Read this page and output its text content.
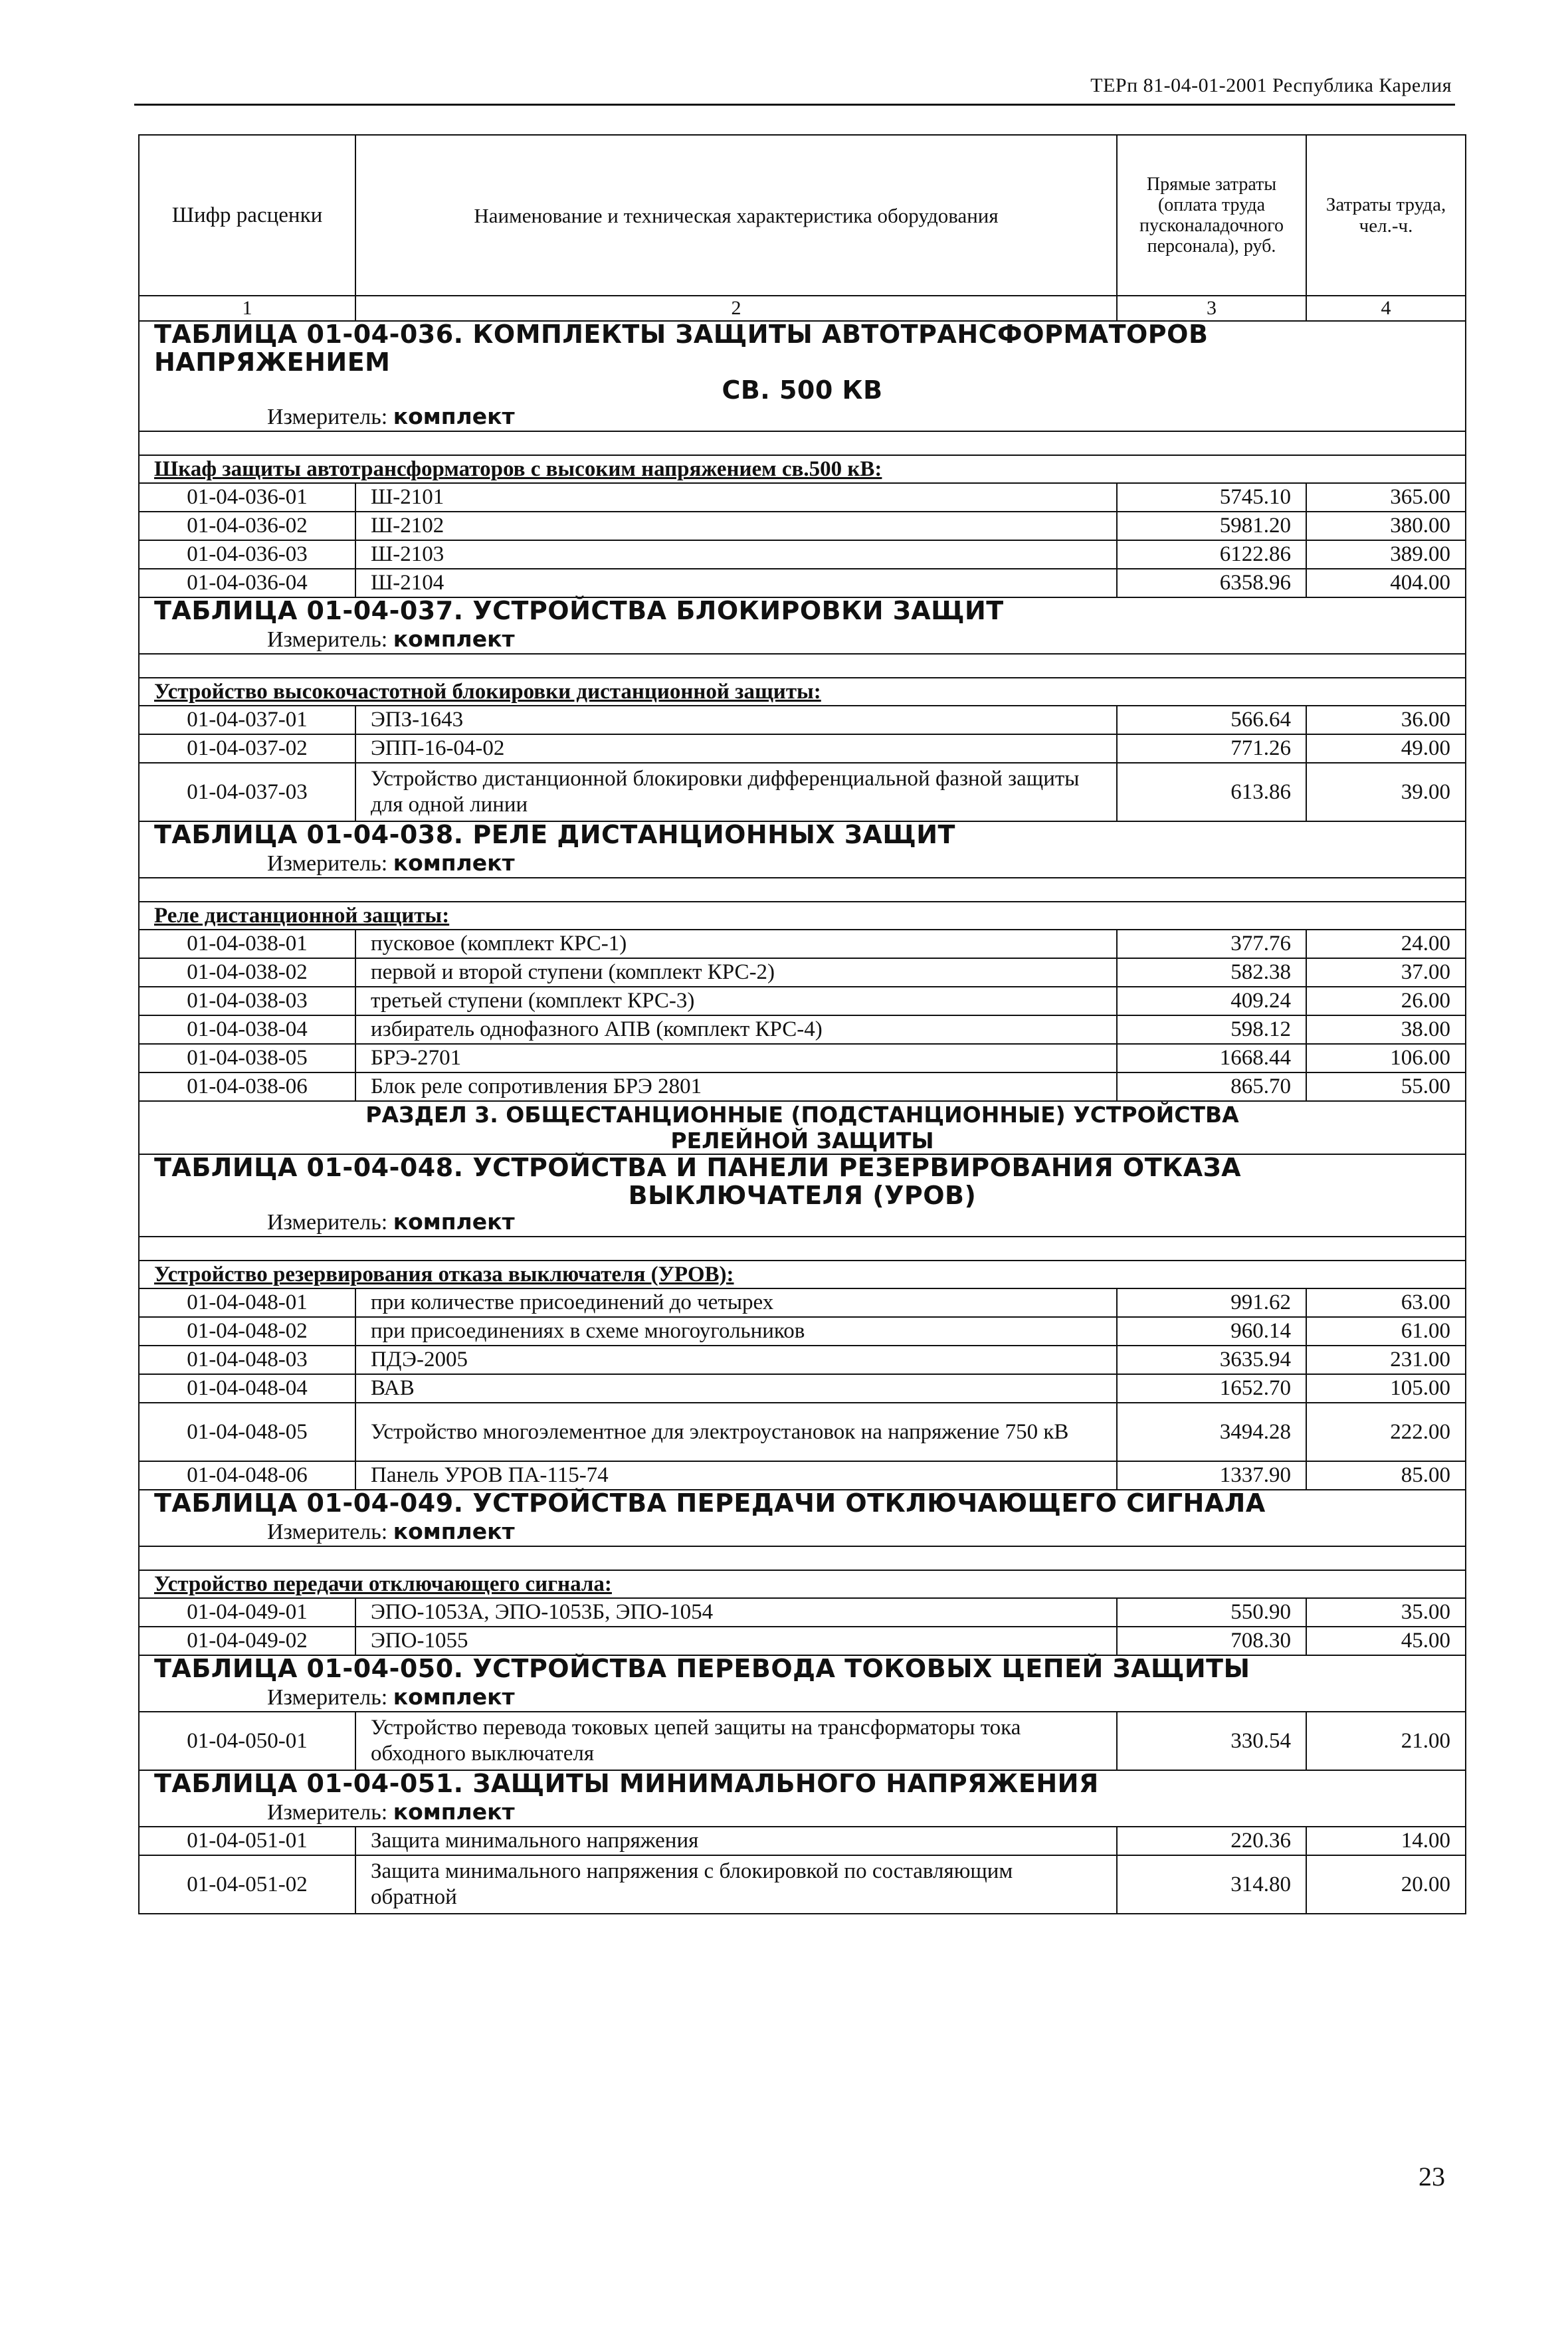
ТЕРп 81-04-01-2001 Республика Карелия
Шифр расценки	Наименование и техническая характеристика оборудования	Прямые затраты (оплата труда пусконаладочного персонала), руб.	Затраты труда, чел.-ч.
1	2	3	4
ТАБЛИЦА 01-04-036. КОМПЛЕКТЫ ЗАЩИТЫ АВТОТРАНСФОРМАТОРОВ НАПРЯЖЕНИЕМ

СВ. 500 КВ
Измеритель: комплект			

Шкаф защиты автотрансформаторов с высоким напряжением св.500 кВ:			
01-04-036-01	Ш-2101	5745.10	365.00
01-04-036-02	Ш-2102	5981.20	380.00
01-04-036-03	Ш-2103	6122.86	389.00
01-04-036-04	Ш-2104	6358.96	404.00
ТАБЛИЦА 01-04-037. УСТРОЙСТВА БЛОКИРОВКИ ЗАЩИТ
Измеритель: комплект			

Устройство высокочастотной блокировки дистанционной защиты:			
01-04-037-01	ЭПЗ-1643	566.64	36.00
01-04-037-02	ЭПП-16-04-02	771.26	49.00
01-04-037-03	Устройство дистанционной блокировки дифференциальной фазной защиты для одной линии	613.86	39.00
ТАБЛИЦА 01-04-038. РЕЛЕ ДИСТАНЦИОННЫХ ЗАЩИТ
Измеритель: комплект			

Реле дистанционной защиты:			
01-04-038-01	пусковое (комплект КРС-1)	377.76	24.00
01-04-038-02	первой и второй ступени (комплект КРС-2)	582.38	37.00
01-04-038-03	третьей ступени (комплект КРС-3)	409.24	26.00
01-04-038-04	избиратель однофазного АПВ (комплект КРС-4)	598.12	38.00
01-04-038-05	БРЭ-2701	1668.44	106.00
01-04-038-06	Блок реле сопротивления БРЭ 2801	865.70	55.00
РАЗДЕЛ 3. ОБЩЕСТАНЦИОННЫЕ (ПОДСТАНЦИОННЫЕ) УСТРОЙСТВА
РЕЛЕЙНОЙ ЗАЩИТЫ			
ТАБЛИЦА 01-04-048. УСТРОЙСТВА И ПАНЕЛИ РЕЗЕРВИРОВАНИЯ ОТКАЗА

ВЫКЛЮЧАТЕЛЯ (УРОВ)
Измеритель: комплект			

Устройство резервирования отказа выключателя (УРОВ):			
01-04-048-01	при количестве присоединений до четырех	991.62	63.00
01-04-048-02	при присоединениях в схеме многоугольников	960.14	61.00
01-04-048-03	ПДЭ-2005	3635.94	231.00
01-04-048-04	ВАВ	1652.70	105.00
01-04-048-05	Устройство многоэлементное для электроустановок на напряжение 750 кВ	3494.28	222.00
01-04-048-06	Панель УРОВ ПА-115-74	1337.90	85.00
ТАБЛИЦА 01-04-049. УСТРОЙСТВА ПЕРЕДАЧИ ОТКЛЮЧАЮЩЕГО СИГНАЛА
Измеритель: комплект			

Устройство передачи отключающего сигнала:			
01-04-049-01	ЭПО-1053А, ЭПО-1053Б, ЭПО-1054	550.90	35.00
01-04-049-02	ЭПО-1055	708.30	45.00
ТАБЛИЦА 01-04-050. УСТРОЙСТВА ПЕРЕВОДА ТОКОВЫХ ЦЕПЕЙ ЗАЩИТЫ
Измеритель: комплект			
01-04-050-01	Устройство перевода токовых цепей защиты на трансформаторы тока обходного выключателя	330.54	21.00
ТАБЛИЦА 01-04-051. ЗАЩИТЫ МИНИМАЛЬНОГО НАПРЯЖЕНИЯ
Измеритель: комплект			
01-04-051-01	Защита минимального напряжения	220.36	14.00
01-04-051-02	Защита минимального напряжения с блокировкой по составляющим обратной	314.80	20.00
23
